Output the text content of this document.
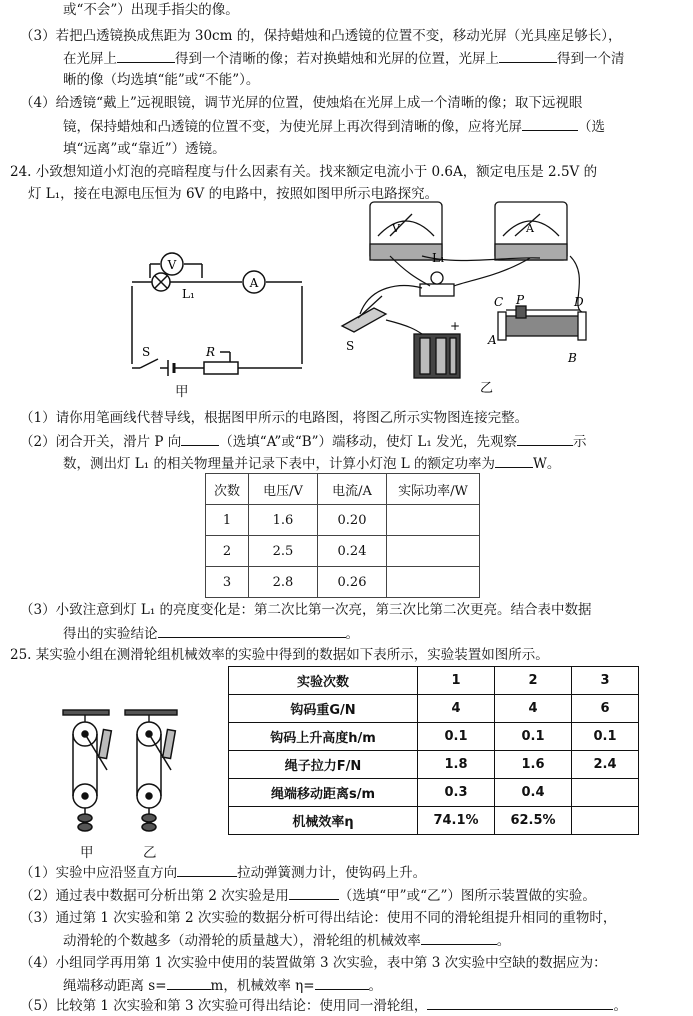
或“不会”）出现手指尖的像。
（3）若把凸透镜换成焦距为 30cm 的，保持蜡烛和凸透镜的位置不变，移动光屏（光具座足够长），
在光屏上	得到一个清晰的像；若对换蜡烛和光屏的位置，光屏上	得到一个清
晰的像（均选填“能”或“不能”）。
（4）给透镜“戴上”远视眼镜，调节光屏的位置，使烛焰在光屏上成一个清晰的像；取下远视眼
镜，保持蜡烛和凸透镜的位置不变，为使光屏上再次得到清晰的像，应将光屏	（选
填“远离”或“靠近”）透镜。
24. 小致想知道小灯泡的亮暗程度与什么因素有关。找来额定电流小于 0.6A，额定电压是 2.5V 的
灯 L₁，接在电源电压恒为 6V 的电路中，按照如图甲所示电路探究。
V
L₁
A
S	R
甲
V	A
L₁
S
+
A
C P	D
B
乙
（1）请你用笔画线代替导线，根据图甲所示的电路图，将图乙所示实物图连接完整。
（2）闭合开关，滑片 P 向	（选填“A”或“B”）端移动，使灯 L₁ 发光，先观察	示
数，测出灯 L₁ 的相关物理量并记录下表中，计算小灯泡 L 的额定功率为	W。
次数	电压/V	电流/A	实际功率/W
1	1.6	0.20	
2	2.5	0.24	
3	2.8	0.26	
（3）小致注意到灯 L₁ 的亮度变化是：第二次比第一次亮，第三次比第二次更亮。结合表中数据
得出的实验结论	。
25. 某实验小组在测滑轮组机械效率的实验中得到的数据如下表所示，实验装置如图所示。
甲	乙
实验次数	1	2	3
钩码重G/N	4	4	6
钩码上升高度h/m	0.1	0.1	0.1
绳子拉力F/N	1.8	1.6	2.4
绳端移动距离s/m	0.3	0.4	
机械效率η	74.1%	62.5%	
（1）实验中应沿竖直方向	拉动弹簧测力计，使钩码上升。
（2）通过表中数据可分析出第 2 次实验是用	（选填“甲”或“乙”）图所示装置做的实验。
（3）通过第 1 次实验和第 2 次实验的数据分析可得出结论：使用不同的滑轮组提升相同的重物时，
动滑轮的个数越多（动滑轮的质量越大），滑轮组的机械效率	。
（4）小组同学再用第 1 次实验中使用的装置做第 3 次实验，表中第 3 次实验中空缺的数据应为：
绳端移动距离 s=	m，机械效率 η=	。
（5）比较第 1 次实验和第 3 次实验可得出结论：使用同一滑轮组，	。
